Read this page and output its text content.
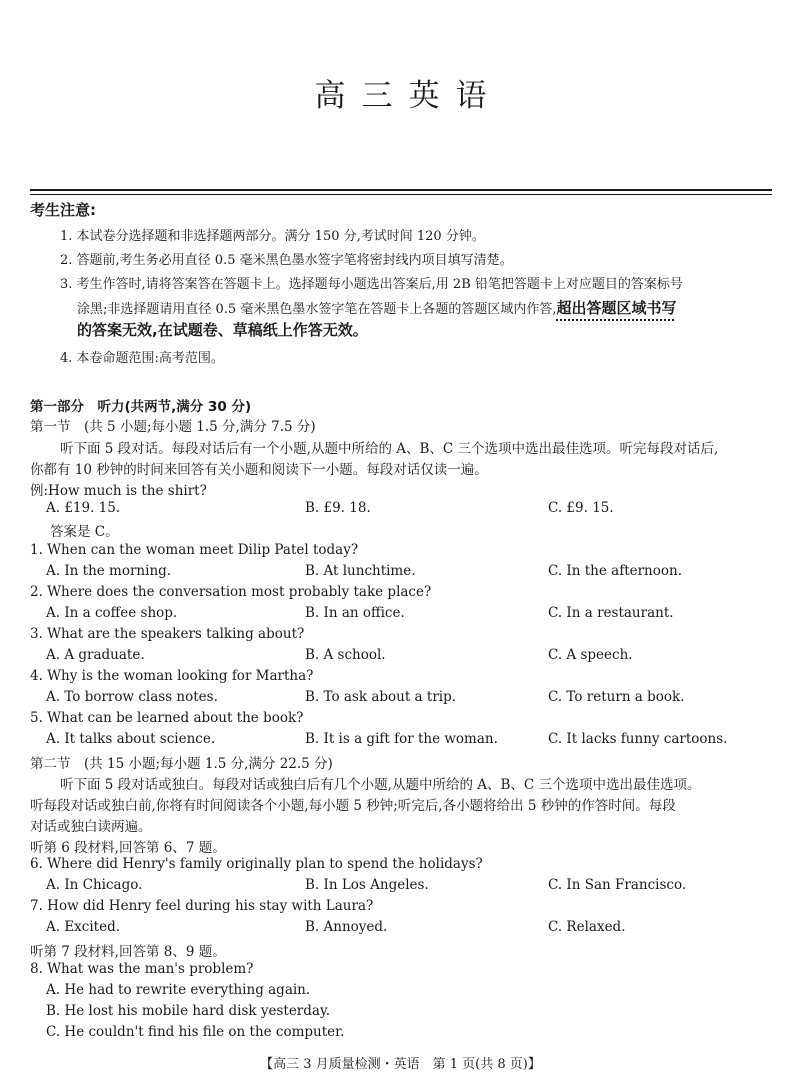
高三英语
考生注意:
1. 本试卷分选择题和非选择题两部分。满分 150 分,考试时间 120 分钟。
2. 答题前,考生务必用直径 0.5 毫米黑色墨水签字笔将密封线内项目填写清楚。
3. 考生作答时,请将答案答在答题卡上。选择题每小题选出答案后,用 2B 铅笔把答题卡上对应题目的答案标号
涂黑;非选择题请用直径 0.5 毫米黑色墨水签字笔在答题卡上各题的答题区域内作答,超出答题区域书写
的答案无效,在试题卷、草稿纸上作答无效。
4. 本卷命题范围:高考范围。
第一部分　听力(共两节,满分 30 分)
第一节　(共 5 小题;每小题 1.5 分,满分 7.5 分)
听下面 5 段对话。每段对话后有一个小题,从题中所给的 A、B、C 三个选项中选出最佳选项。听完每段对话后,
你都有 10 秒钟的时间来回答有关小题和阅读下一小题。每段对话仅读一遍。
例:How much is the shirt?
A. £19. 15.	B. £9. 18.	C. £9. 15.
答案是 C。
1. When can the woman meet Dilip Patel today?
A. In the morning.	B. At lunchtime.	C. In the afternoon.
2. Where does the conversation most probably take place?
A. In a coffee shop.	B. In an office.	C. In a restaurant.
3. What are the speakers talking about?
A. A graduate.	B. A school.	C. A speech.
4. Why is the woman looking for Martha?
A. To borrow class notes.	B. To ask about a trip.	C. To return a book.
5. What can be learned about the book?
A. It talks about science.	B. It is a gift for the woman.	C. It lacks funny cartoons.
第二节　(共 15 小题;每小题 1.5 分,满分 22.5 分)
听下面 5 段对话或独白。每段对话或独白后有几个小题,从题中所给的 A、B、C 三个选项中选出最佳选项。
听每段对话或独白前,你将有时间阅读各个小题,每小题 5 秒钟;听完后,各小题将给出 5 秒钟的作答时间。每段
对话或独白读两遍。
听第 6 段材料,回答第 6、7 题。
6. Where did Henry's family originally plan to spend the holidays?
A. In Chicago.	B. In Los Angeles.	C. In San Francisco.
7. How did Henry feel during his stay with Laura?
A. Excited.	B. Annoyed.	C. Relaxed.
听第 7 段材料,回答第 8、9 题。
8. What was the man's problem?
A. He had to rewrite everything again.
B. He lost his mobile hard disk yesterday.
C. He couldn't find his file on the computer.
【高三 3 月质量检测・英语　第 1 页(共 8 页)】
